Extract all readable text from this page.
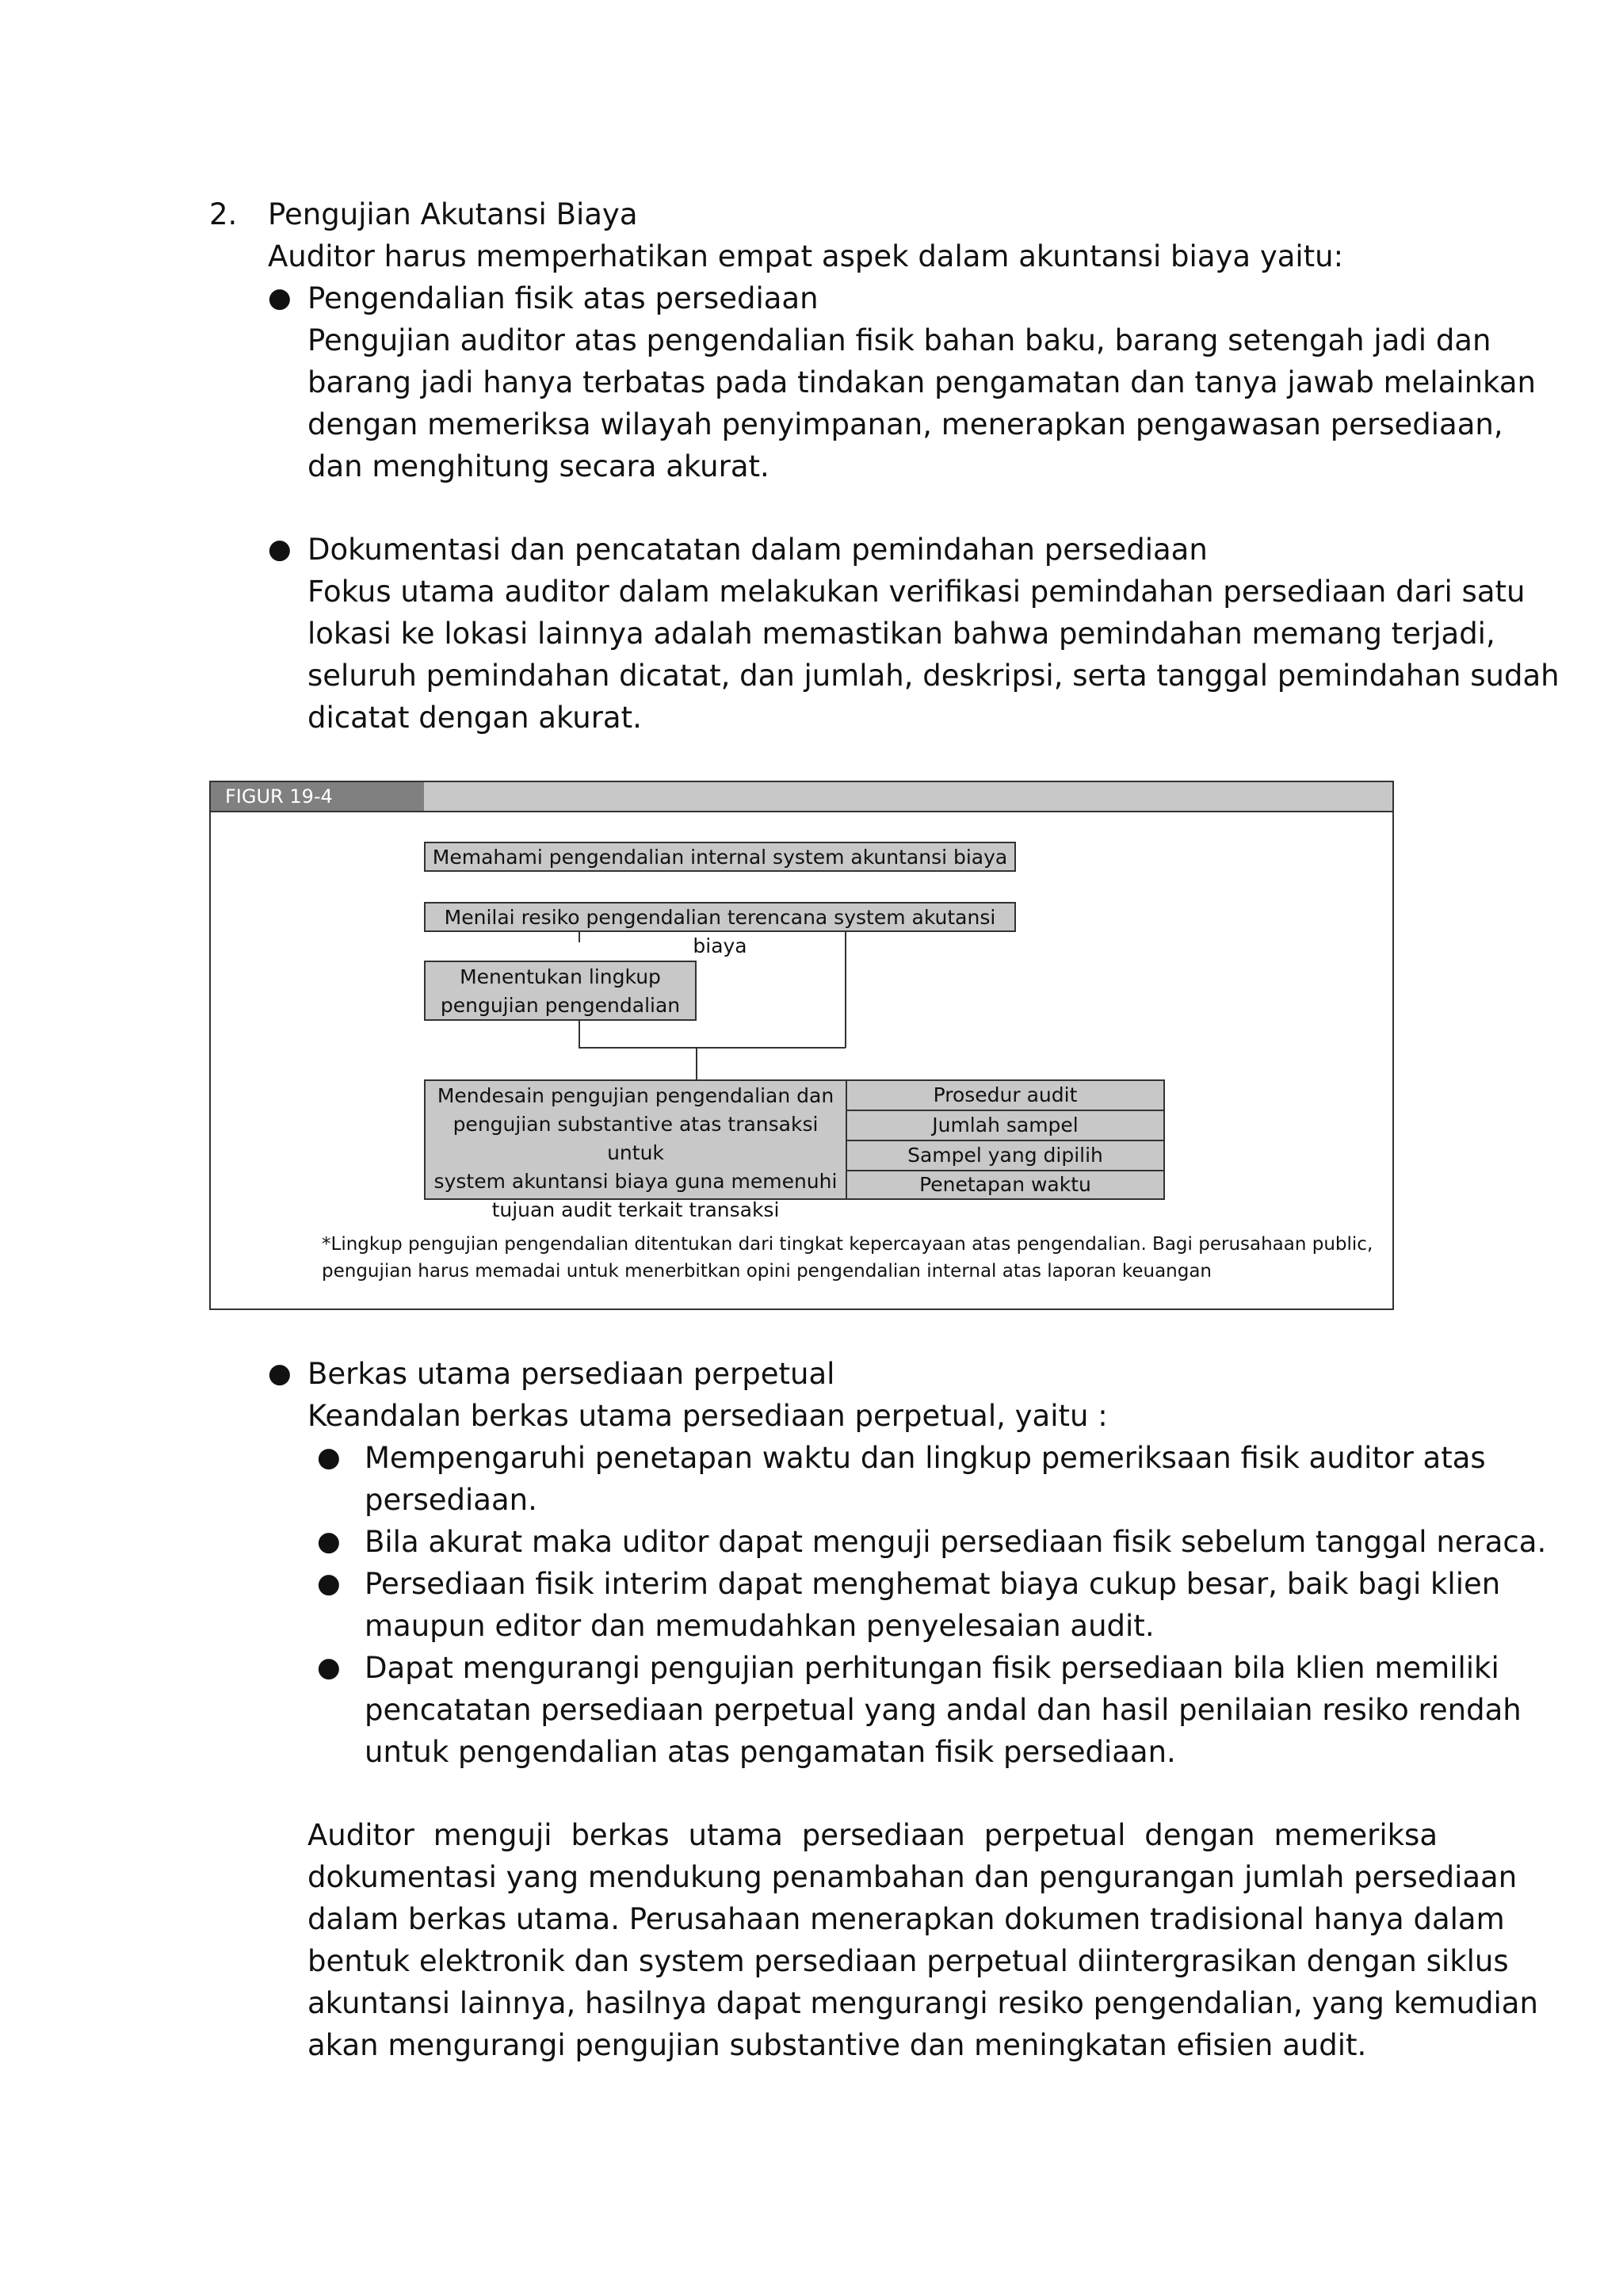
2. Pengujian Akutansi Biaya
Auditor harus memperhatikan empat aspek dalam akuntansi biaya yaitu:
● Pengendalian fisik atas persediaan
Pengujian auditor atas pengendalian fisik bahan baku, barang setengah jadi dan
barang jadi hanya terbatas pada tindakan pengamatan dan tanya jawab melainkan
dengan memeriksa wilayah penyimpanan, menerapkan pengawasan persediaan,
dan menghitung secara akurat.
● Dokumentasi dan pencatatan dalam pemindahan persediaan
Fokus utama auditor dalam melakukan verifikasi pemindahan persediaan dari satu
lokasi ke lokasi lainnya adalah memastikan bahwa pemindahan memang terjadi,
seluruh pemindahan dicatat, dan jumlah, deskripsi, serta tanggal pemindahan sudah
dicatat dengan akurat.
FIGUR 19-4
Memahami pengendalian internal system akuntansi biaya
Menilai resiko pengendalian terencana system akutansi biaya
Menentukan lingkup
pengujian pengendalian
Mendesain pengujian pengendalian dan
pengujian substantive atas transaksi untuk
system akuntansi biaya guna memenuhi
tujuan audit terkait transaksi
Prosedur audit
Jumlah sampel
Sampel yang dipilih
Penetapan waktu
*Lingkup pengujian pengendalian ditentukan dari tingkat kepercayaan atas pengendalian. Bagi perusahaan public,
pengujian harus memadai untuk menerbitkan opini pengendalian internal atas laporan keuangan
● Berkas utama persediaan perpetual
Keandalan berkas utama persediaan perpetual, yaitu :
● Mempengaruhi penetapan waktu dan lingkup pemeriksaan fisik auditor atas
persediaan.
● Bila akurat maka uditor dapat menguji persediaan fisik sebelum tanggal neraca.
● Persediaan fisik interim dapat menghemat biaya cukup besar, baik bagi klien
maupun editor dan memudahkan penyelesaian audit.
● Dapat mengurangi pengujian perhitungan fisik persediaan bila klien memiliki
pencatatan persediaan perpetual yang andal dan hasil penilaian resiko rendah
untuk pengendalian atas pengamatan fisik persediaan.
Auditor menguji berkas utama persediaan perpetual dengan memeriksa
dokumentasi yang mendukung penambahan dan pengurangan jumlah persediaan
dalam berkas utama. Perusahaan menerapkan dokumen tradisional hanya dalam
bentuk elektronik dan system persediaan perpetual diintergrasikan dengan siklus
akuntansi lainnya, hasilnya dapat mengurangi resiko pengendalian, yang kemudian
akan mengurangi pengujian substantive dan meningkatan efisien audit.
